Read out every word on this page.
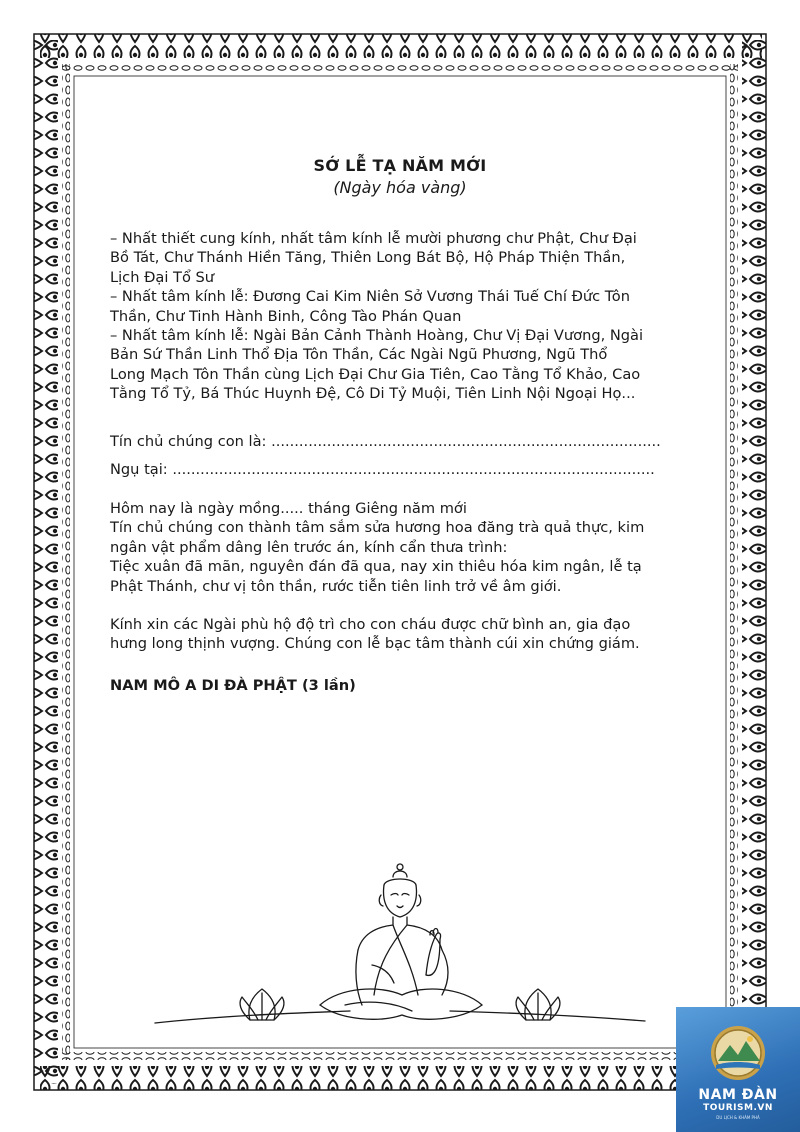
SỚ LỄ TẠ NĂM MỚI
(Ngày hóa vàng)
– Nhất thiết cung kính, nhất tâm kính lễ mười phương chư Phật, Chư Đại
Bồ Tát, Chư Thánh Hiền Tăng, Thiên Long Bát Bộ, Hộ Pháp Thiện Thần,
Lịch Đại Tổ Sư
– Nhất tâm kính lễ: Đương Cai Kim Niên Sở Vương Thái Tuế Chí Đức Tôn
Thần, Chư Tinh Hành Binh, Công Tào Phán Quan
– Nhất tâm kính lễ: Ngài Bản Cảnh Thành Hoàng, Chư Vị Đại Vương, Ngài
Bản Sứ Thần Linh Thổ Địa Tôn Thần, Các Ngài Ngũ Phương, Ngũ Thổ
Long Mạch Tôn Thần cùng Lịch Đại Chư Gia Tiên, Cao Tằng Tổ Khảo, Cao
Tằng Tổ Tỷ, Bá Thúc Huynh Đệ, Cô Di Tỷ Muội, Tiên Linh Nội Ngoại Họ...
Tín chủ chúng con là: ....................................................................................
Ngụ tại: ........................................................................................................
Hôm nay là ngày mồng..... tháng Giêng năm mới
Tín chủ chúng con thành tâm sắm sửa hương hoa đăng trà quả thực, kim
ngân vật phẩm dâng lên trước án, kính cẩn thưa trình:
Tiệc xuân đã mãn, nguyên đán đã qua, nay xin thiêu hóa kim ngân, lễ tạ
Phật Thánh, chư vị tôn thần, rước tiễn tiên linh trở về âm giới.
Kính xin các Ngài phù hộ độ trì cho con cháu được chữ bình an, gia đạo
hưng long thịnh vượng. Chúng con lễ bạc tâm thành cúi xin chứng giám.
NAM MÔ A DI ĐÀ PHẬT (3 lần)
NAM ĐÀN
TOURISM.VN
DU LỊCH & KHÁM PHÁ
